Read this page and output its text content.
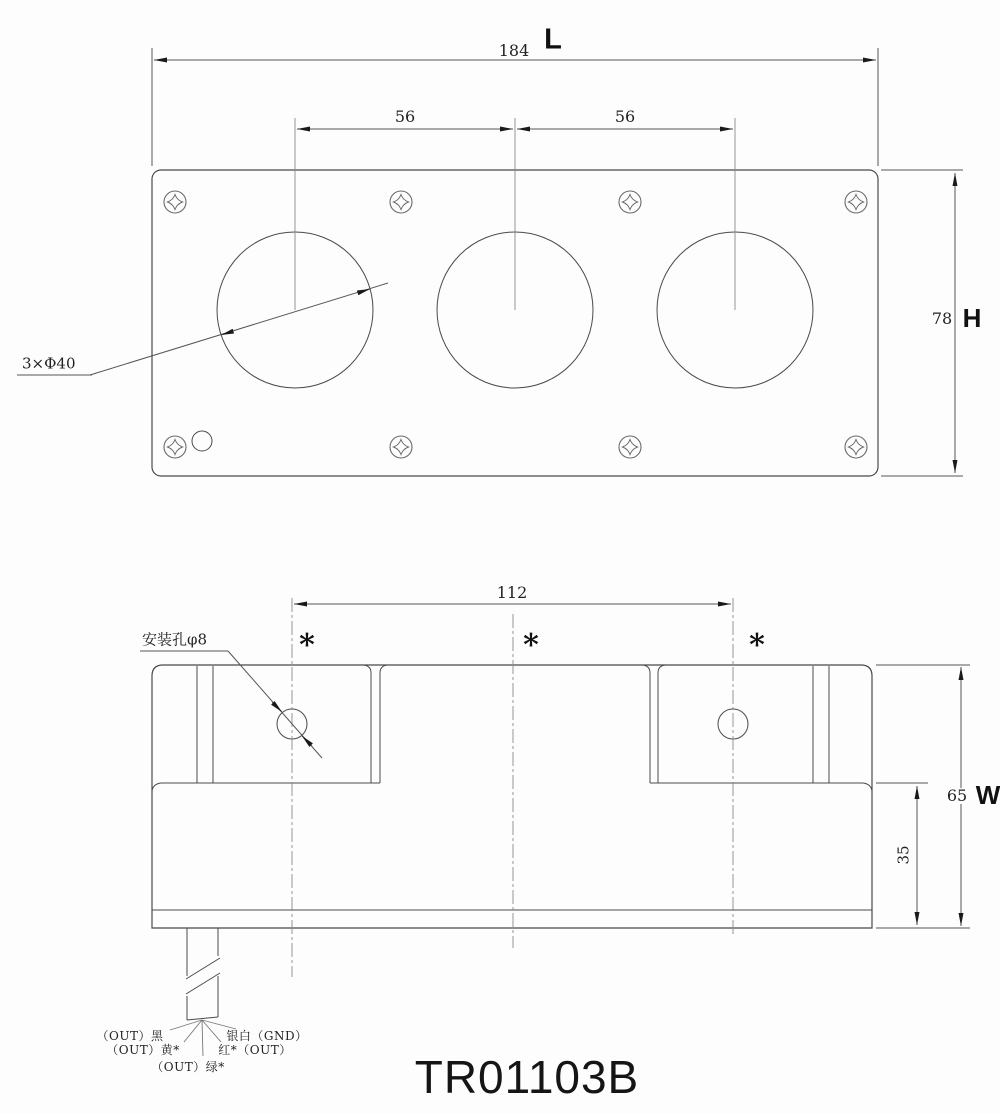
184 L
56	56
78 H
3×Φ40
112
安装孔φ8	*	*	*
65 W
35
（OUT）黑
（OUT）黄*
（OUT）绿*
银白（GND）
红*（OUT）
TR01103B
